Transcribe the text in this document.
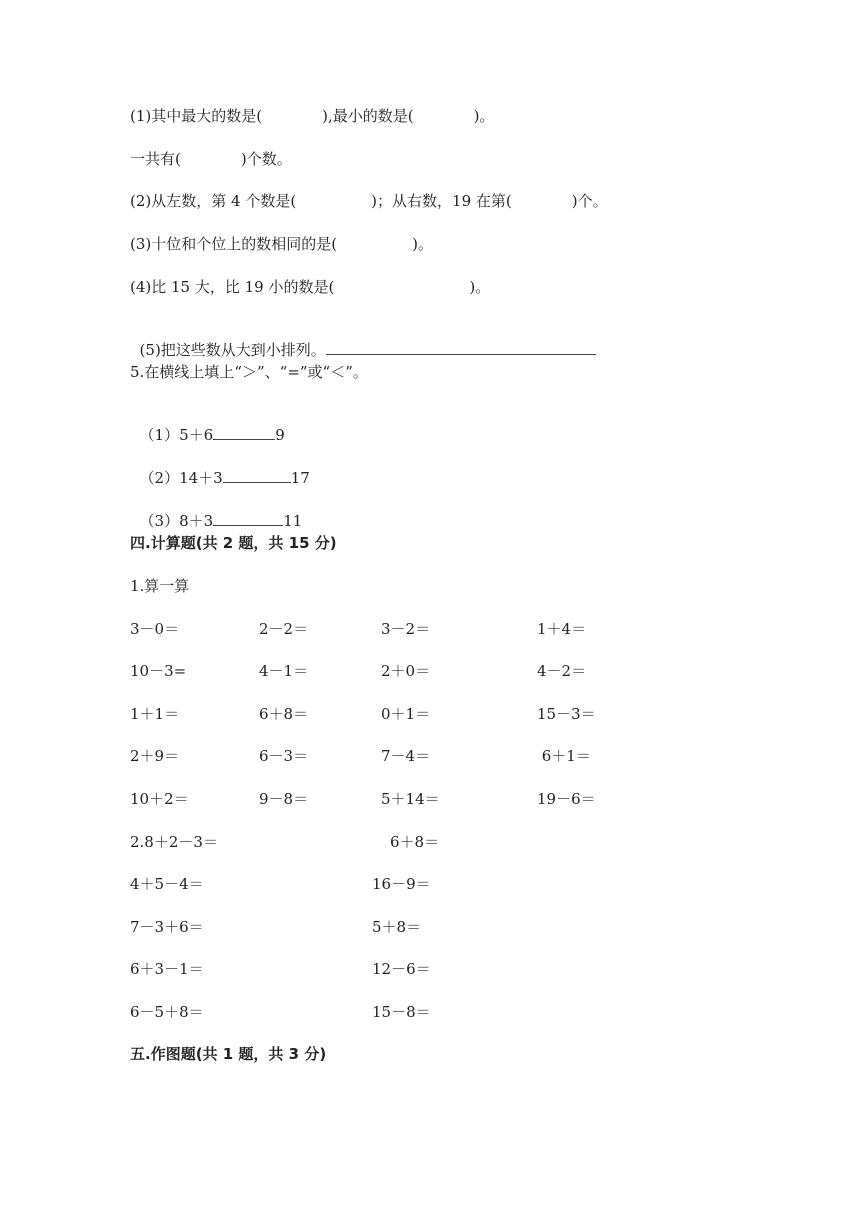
(1)其中最大的数是(　　　　),最小的数是(　　　　)。
一共有(　　　　)个数。
(2)从左数，第 4 个数是(　　　　　)；从右数，19 在第(　　　　)个。
(3)十位和个位上的数相同的是(　　　　　)。
(4)比 15 大，比 19 小的数是(　　　　　　　　　)。

(5)把这些数从大到小排列。

5.在横线上填上“＞”、“=”或“＜”。

（1）5＋6	9

（2）14＋3	17

（3）8＋3	11

四.计算题(共 2 题，共 15 分)
1.算一算
3－0＝	2－2＝	3－2＝	1＋4＝
10－3=	4－1＝	2＋0＝	4－2＝
1＋1＝	6＋8＝	0＋1＝	15－3＝
2＋9＝	6－3＝	7－4＝	6＋1＝
10＋2＝	9－8＝	5＋14＝	19－6＝
2.8＋2－3＝	6＋8＝
4＋5－4＝	16－9＝
7－3＋6＝	5＋8＝
6＋3－1＝	12－6＝
6－5＋8＝	15－8＝
五.作图题(共 1 题，共 3 分)
